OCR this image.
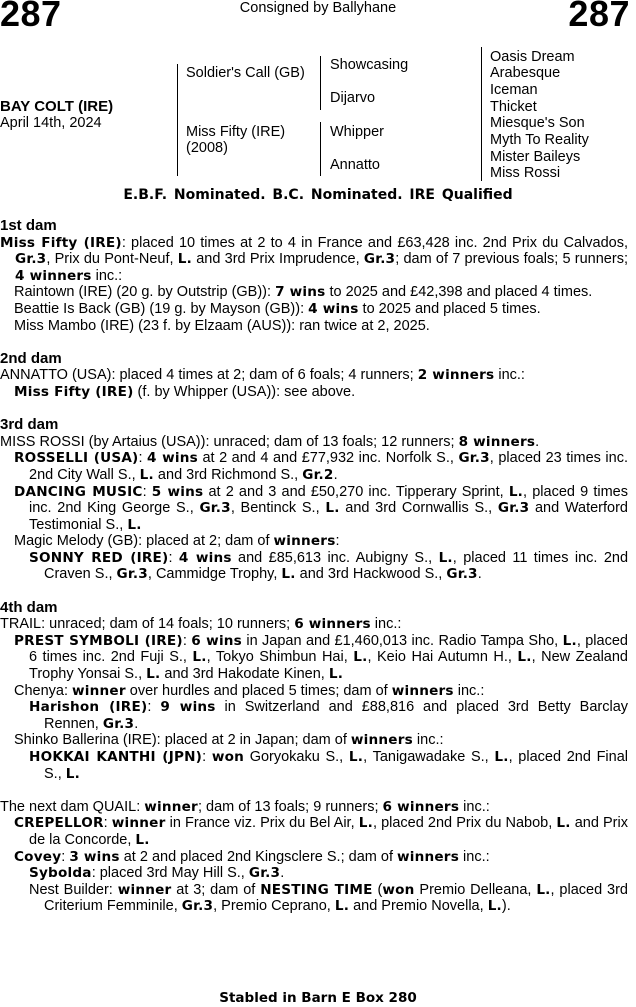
287	Consigned by Ballyhane	287
BAY COLT (IRE)
April 14th, 2024
Soldier's Call (GB)
Miss Fifty (IRE) (2008)
Showcasing
Dijarvo
Whipper
Annatto
Oasis Dream
Arabesque
Iceman
Thicket
Miesque's Son
Myth To Reality
Mister Baileys
Miss Rossi
E.B.F. Nominated. B.C. Nominated. IRE Qualified
1st dam
Miss Fifty (IRE): placed 10 times at 2 to 4 in France and £63,428 inc. 2nd Prix du Calvados, Gr.3, Prix du Pont-Neuf, L. and 3rd Prix Imprudence, Gr.3; dam of 7 previous foals; 5 runners; 4 winners inc.:
Raintown (IRE) (20 g. by Outstrip (GB)): 7 wins to 2025 and £42,398 and placed 4 times.
Beattie Is Back (GB) (19 g. by Mayson (GB)): 4 wins to 2025 and placed 5 times.
Miss Mambo (IRE) (23 f. by Elzaam (AUS)): ran twice at 2, 2025.
2nd dam
ANNATTO (USA): placed 4 times at 2; dam of 6 foals; 4 runners; 2 winners inc.:
Miss Fifty (IRE) (f. by Whipper (USA)): see above.
3rd dam
MISS ROSSI (by Artaius (USA)): unraced; dam of 13 foals; 12 runners; 8 winners.
ROSSELLI (USA): 4 wins at 2 and 4 and £77,932 inc. Norfolk S., Gr.3, placed 23 times inc. 2nd City Wall S., L. and 3rd Richmond S., Gr.2.
DANCING MUSIC: 5 wins at 2 and 3 and £50,270 inc. Tipperary Sprint, L., placed 9 times inc. 2nd King George S., Gr.3, Bentinck S., L. and 3rd Cornwallis S., Gr.3 and Waterford Testimonial S., L.
Magic Melody (GB): placed at 2; dam of winners:
SONNY RED (IRE): 4 wins and £85,613 inc. Aubigny S., L., placed 11 times inc. 2nd Craven S., Gr.3, Cammidge Trophy, L. and 3rd Hackwood S., Gr.3.
4th dam
TRAIL: unraced; dam of 14 foals; 10 runners; 6 winners inc.:
PREST SYMBOLI (IRE): 6 wins in Japan and £1,460,013 inc. Radio Tampa Sho, L., placed 6 times inc. 2nd Fuji S., L., Tokyo Shimbun Hai, L., Keio Hai Autumn H., L., New Zealand Trophy Yonsai S., L. and 3rd Hakodate Kinen, L.
Chenya: winner over hurdles and placed 5 times; dam of winners inc.:
Harishon (IRE): 9 wins in Switzerland and £88,816 and placed 3rd Betty Barclay Rennen, Gr.3.
Shinko Ballerina (IRE): placed at 2 in Japan; dam of winners inc.:
HOKKAI KANTHI (JPN): won Goryokaku S., L., Tanigawadake S., L., placed 2nd Final S., L.
The next dam QUAIL: winner; dam of 13 foals; 9 runners; 6 winners inc.:
CREPELLOR: winner in France viz. Prix du Bel Air, L., placed 2nd Prix du Nabob, L. and Prix de la Concorde, L.
Covey: 3 wins at 2 and placed 2nd Kingsclere S.; dam of winners inc.:
Sybolda: placed 3rd May Hill S., Gr.3.
Nest Builder: winner at 3; dam of NESTING TIME (won Premio Delleana, L., placed 3rd Criterium Femminile, Gr.3, Premio Ceprano, L. and Premio Novella, L.).
Stabled in Barn E Box 280
